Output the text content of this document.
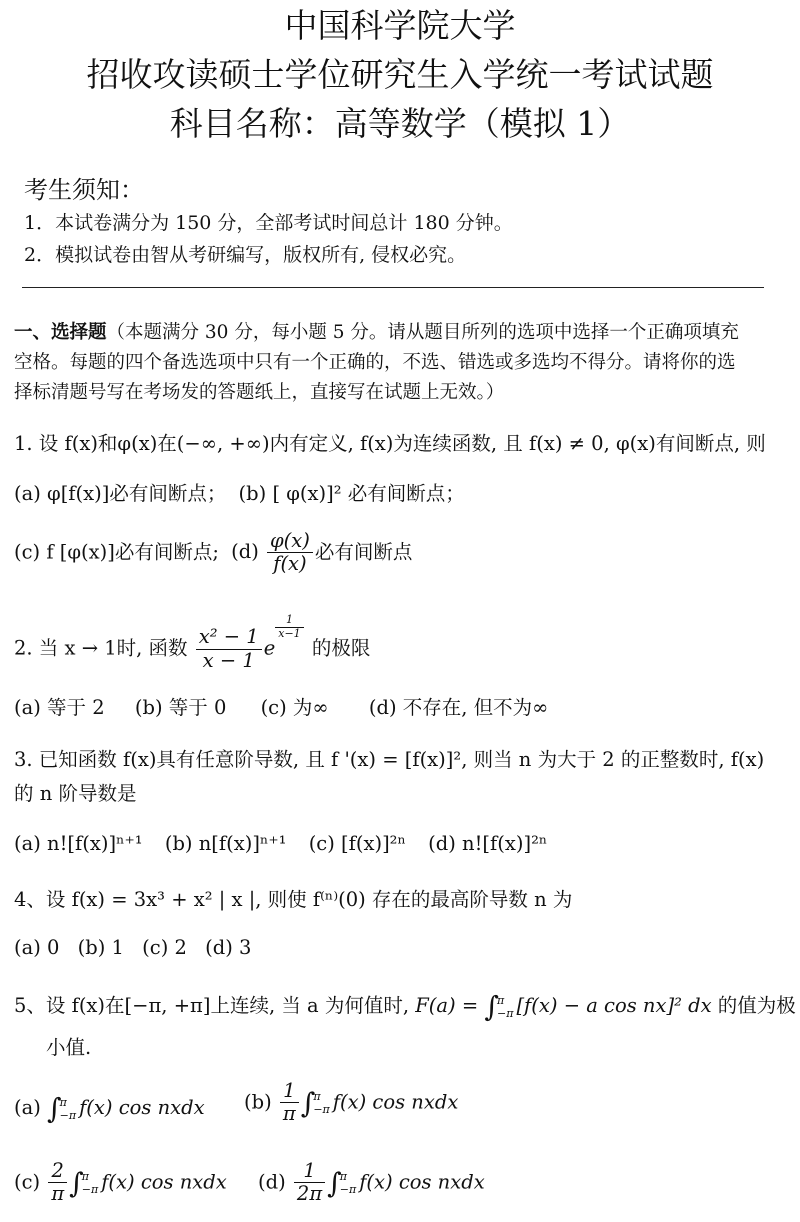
中国科学院大学
招收攻读硕士学位研究生入学统一考试试题
科目名称：高等数学（模拟 1）
考生须知：
1．本试卷满分为 150 分，全部考试时间总计 180 分钟。
2．模拟试卷由智从考研编写，版权所有, 侵权必究。
一、选择题（本题满分 30 分，每小题 5 分。请从题目所列的选项中选择一个正确项填充
空格。每题的四个备选选项中只有一个正确的，不选、错选或多选均不得分。请将你的选
择标清题号写在考场发的答题纸上，直接写在试题上无效。）
1. 设 f(x)和φ(x)在(−∞, +∞)内有定义, f(x)为连续函数, 且 f(x) ≠ 0, φ(x)有间断点, 则
(a) φ[f(x)]必有间断点； (b) [ φ(x)]² 必有间断点；
(c) f [φ(x)]必有间断点; $(d) \frac{\varphi(x)}{f(x)}$ 必有间断点
2. 当 x → 1时, 函数 $\frac{\text{x² − 1}}{x - 1}$ e
$\frac{1}{x-1}$
的极限
(a) 等于 2 (b) 等于 0 (c) 为∞ (d) 不存在, 但不为∞
3. 已知函数 f(x)具有任意阶导数, 且 f '(x) = [f(x)]², 则当 n 为大于 2 的正整数时, f(x)
的 n 阶导数是
(a) n![f(x)]ⁿ⁺¹ (b) n[f(x)]ⁿ⁺¹ (c) [f(x)]²ⁿ (d) n![f(x)]²ⁿ
4、设 f(x) = 3x³ + x² | x |, 则使 f⁽ⁿ⁾(0) 存在的最高阶导数 n 为
(a) 0 (b) 1 (c) 2 (d) 3
5、设 f(x)在[−π, +π]上连续, 当 a 为何值时, F(a) = ∫
π
−π [f(x) − a cos nx]² dx 的值为极
小值.
(a) ∫
π
−π f(x) cos nxdx $(b) \frac{1}{\pi}$ ∫
π
−π f(x) cos nxdx
$(c) \frac{2}{\pi}$ ∫
π
−π f(x) cos nxdx $(d) \frac{1}{2\pi}$ ∫
π
−π f(x) cos nxdx
